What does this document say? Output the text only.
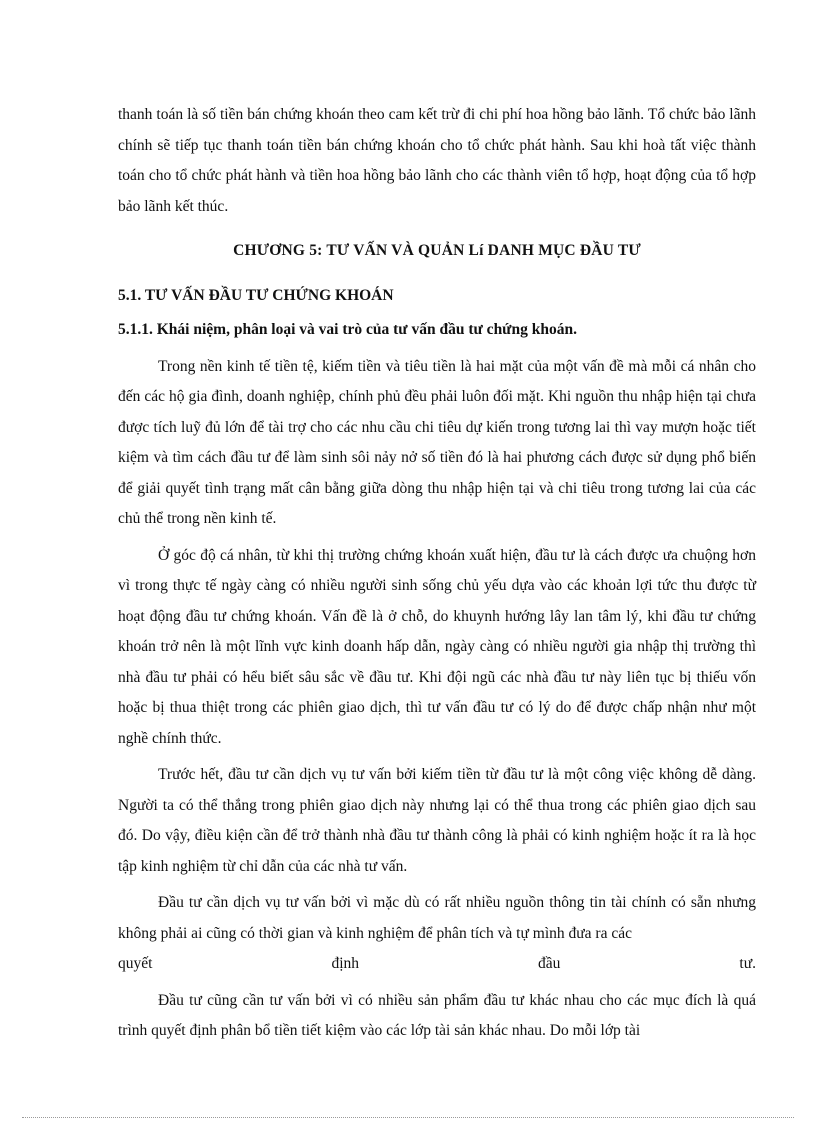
thanh toán là số tiền bán chứng khoán theo cam kết trừ đi chi phí hoa hồng bảo lãnh. Tổ chức bảo lãnh chính sẽ tiếp tục thanh toán tiền bán chứng khoán cho tổ chức phát hành. Sau khi hoà tất việc thành toán cho tổ chức phát hành và tiền hoa hồng bảo lãnh cho các thành viên tổ hợp, hoạt động của tổ hợp bảo lãnh kết thúc.

CHƯƠNG 5: TƯ VẤN VÀ QUẢN Lí DANH MỤC ĐẦU TƯ
5.1. TƯ VẤN ĐẦU TƯ CHỨNG KHOÁN
5.1.1. Khái niệm, phân loại và vai trò của tư vấn đầu tư chứng khoán.

Trong nền kinh tế tiền tệ, kiếm tiền và tiêu tiền là hai mặt của một vấn đề mà mỗi cá nhân cho đến các hộ gia đình, doanh nghiệp, chính phủ đều phải luôn đối mặt. Khi nguồn thu nhập hiện tại chưa được tích luỹ đủ lớn để tài trợ cho các nhu cầu chi tiêu dự kiến trong tương lai thì vay mượn hoặc tiết kiệm và tìm cách đầu tư để làm sinh sôi nảy nở số tiền đó là hai phương cách được sử dụng phổ biến để giải quyết tình trạng mất cân bằng giữa dòng thu nhập hiện tại và chi tiêu trong tương lai của các chủ thể trong nền kinh tế.

Ở góc độ cá nhân, từ khi thị trường chứng khoán xuất hiện, đầu tư là cách được ưa chuộng hơn vì trong thực tế ngày càng có nhiều người sinh sống chủ yếu dựa vào các khoản lợi tức thu được từ hoạt động đầu tư chứng khoán. Vấn đề là ở chỗ, do khuynh hướng lây lan tâm lý, khi đầu tư chứng khoán trở nên là một lĩnh vực kinh doanh hấp dẫn, ngày càng có nhiều người gia nhập thị trường thì nhà đầu tư phải có hểu biết sâu sắc về đầu tư. Khi đội ngũ các nhà đầu tư này liên tục bị thiếu vốn hoặc bị thua thiệt trong các phiên giao dịch, thì tư vấn đầu tư có lý do để được chấp nhận như một nghề chính thức.

Trước hết, đầu tư cần dịch vụ tư vấn bởi kiếm tiền từ đầu tư là một công việc không dễ dàng. Người ta có thể thắng trong phiên giao dịch này nhưng lại có thể thua trong các phiên giao dịch sau đó. Do vậy, điều kiện cần để trở thành nhà đầu tư thành công là phải có kinh nghiệm hoặc ít ra là học tập kinh nghiệm từ chỉ dẫn của các nhà tư vấn.

Đầu tư cần dịch vụ tư vấn bởi vì mặc dù có rất nhiều nguồn thông tin tài chính có sẵn nhưng không phải ai cũng có thời gian và kinh nghiệm để phân tích và tự mình đưa ra các

quyết định đầu tư.

Đầu tư cũng cần tư vấn bởi vì có nhiều sản phẩm đầu tư khác nhau cho các mục đích là quá trình quyết định phân bổ tiền tiết kiệm vào các lớp tài sản khác nhau. Do mỗi lớp tài
